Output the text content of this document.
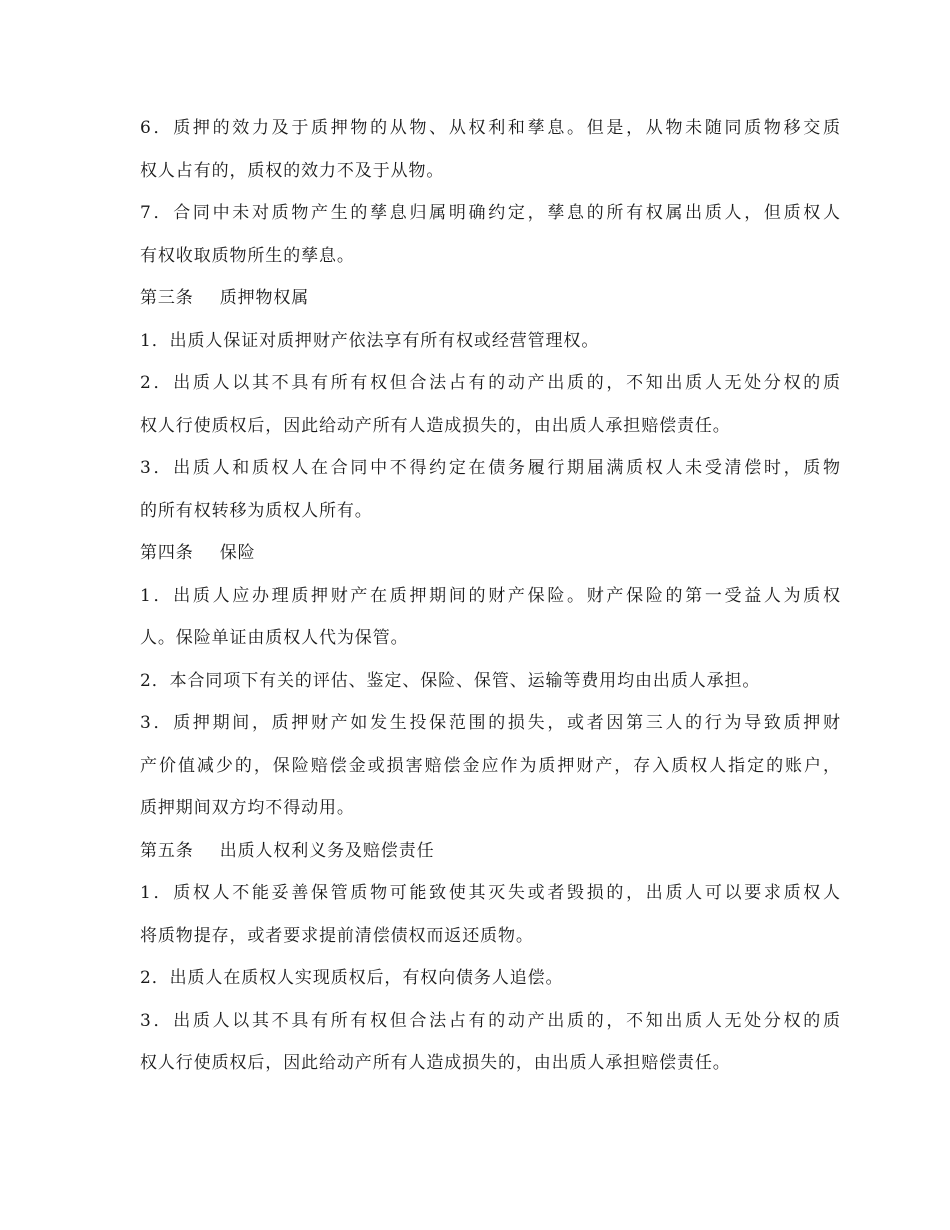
6．质押的效力及于质押物的从物、从权利和孳息。但是，从物未随同质物移交质

权人占有的，质权的效力不及于从物。

7．合同中未对质物产生的孳息归属明确约定，孳息的所有权属出质人，但质权人

有权收取质物所生的孳息。

第三条 质押物权属

1．出质人保证对质押财产依法享有所有权或经营管理权。

2．出质人以其不具有所有权但合法占有的动产出质的，不知出质人无处分权的质

权人行使质权后，因此给动产所有人造成损失的，由出质人承担赔偿责任。

3．出质人和质权人在合同中不得约定在债务履行期届满质权人未受清偿时，质物

的所有权转移为质权人所有。

第四条 保险

1．出质人应办理质押财产在质押期间的财产保险。财产保险的第一受益人为质权

人。保险单证由质权人代为保管。

2．本合同项下有关的评估、鉴定、保险、保管、运输等费用均由出质人承担。

3．质押期间，质押财产如发生投保范围的损失，或者因第三人的行为导致质押财

产价值减少的，保险赔偿金或损害赔偿金应作为质押财产，存入质权人指定的账户，

质押期间双方均不得动用。

第五条 出质人权利义务及赔偿责任

1．质权人不能妥善保管质物可能致使其灭失或者毁损的，出质人可以要求质权人

将质物提存，或者要求提前清偿债权而返还质物。

2．出质人在质权人实现质权后，有权向债务人追偿。

3．出质人以其不具有所有权但合法占有的动产出质的，不知出质人无处分权的质

权人行使质权后，因此给动产所有人造成损失的，由出质人承担赔偿责任。
